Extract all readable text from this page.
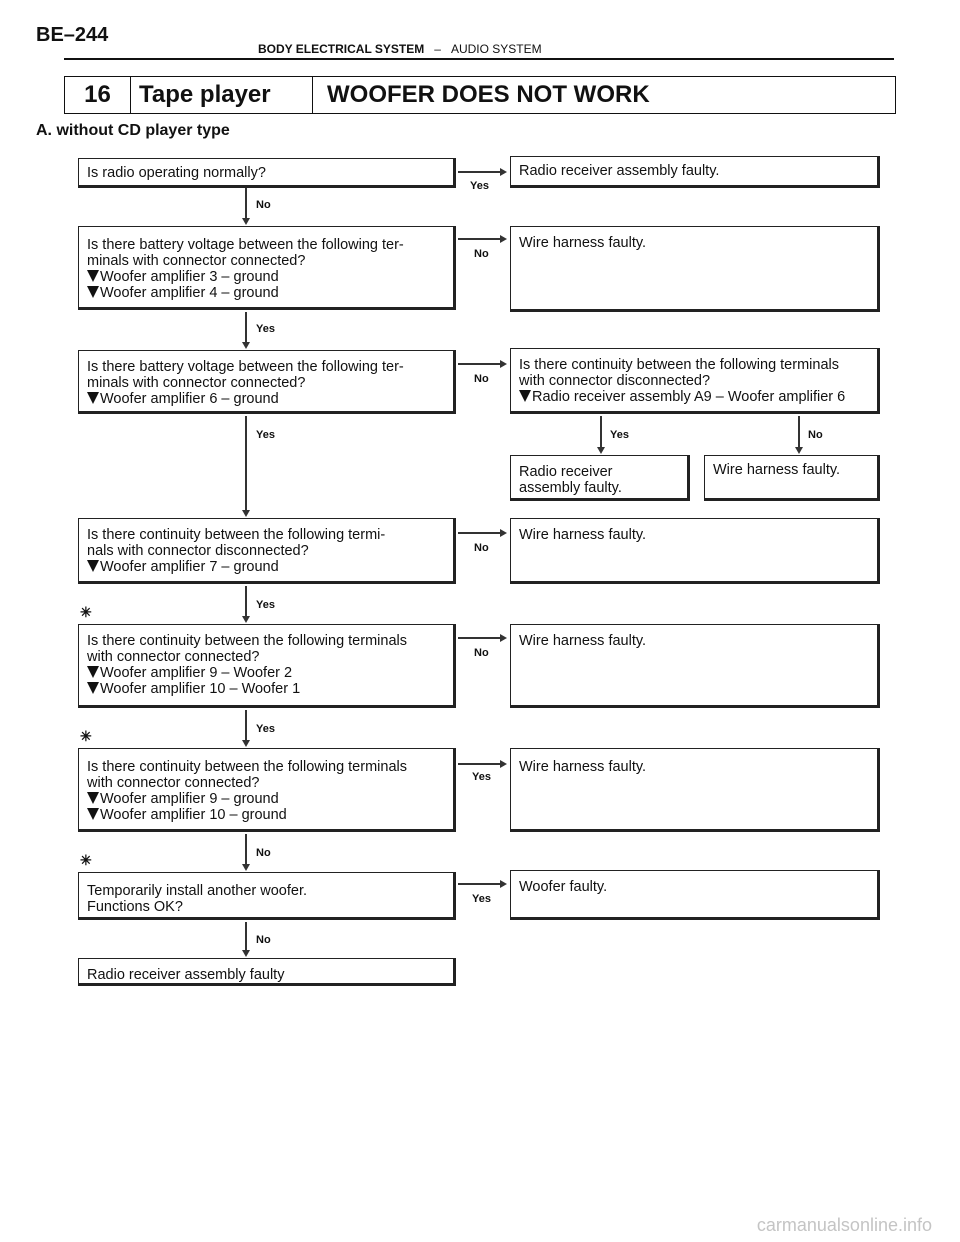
BE–244
BODY ELECTRICAL SYSTEM – AUDIO SYSTEM
16	Tape player	WOOFER DOES NOT WORK
A. without CD player type
Is radio operating normally?	Radio receiver assembly faulty.
Is there battery voltage between the following ter-
minals with connector connected?
Woofer amplifier 3 – ground
Woofer amplifier 4 – ground
Wire harness faulty.
Is there battery voltage between the following ter-
minals with connector connected?
Woofer amplifier 6 – ground
Is there continuity between the following terminals
with connector disconnected?
Radio receiver assembly A9 – Woofer amplifier 6
Radio receiver
assembly faulty.
Wire harness faulty.
Is there continuity between the following termi-
nals with connector disconnected?
Woofer amplifier 7 – ground
Wire harness faulty.
Is there continuity between the following terminals
with connector connected?
Woofer amplifier 9 – Woofer 2
Woofer amplifier 10 – Woofer 1
Wire harness faulty.
Is there continuity between the following terminals
with connector connected?
Woofer amplifier 9 – ground
Woofer amplifier 10 – ground
Wire harness faulty.
Temporarily install another woofer.
Functions OK?
Woofer faulty.
Radio receiver assembly faulty
Yes
No
No
Yes
No
Yes	Yes	No
No
Yes
No
Yes
Yes
No
Yes
No
✳
✳
✳
carmanualsonline.info
